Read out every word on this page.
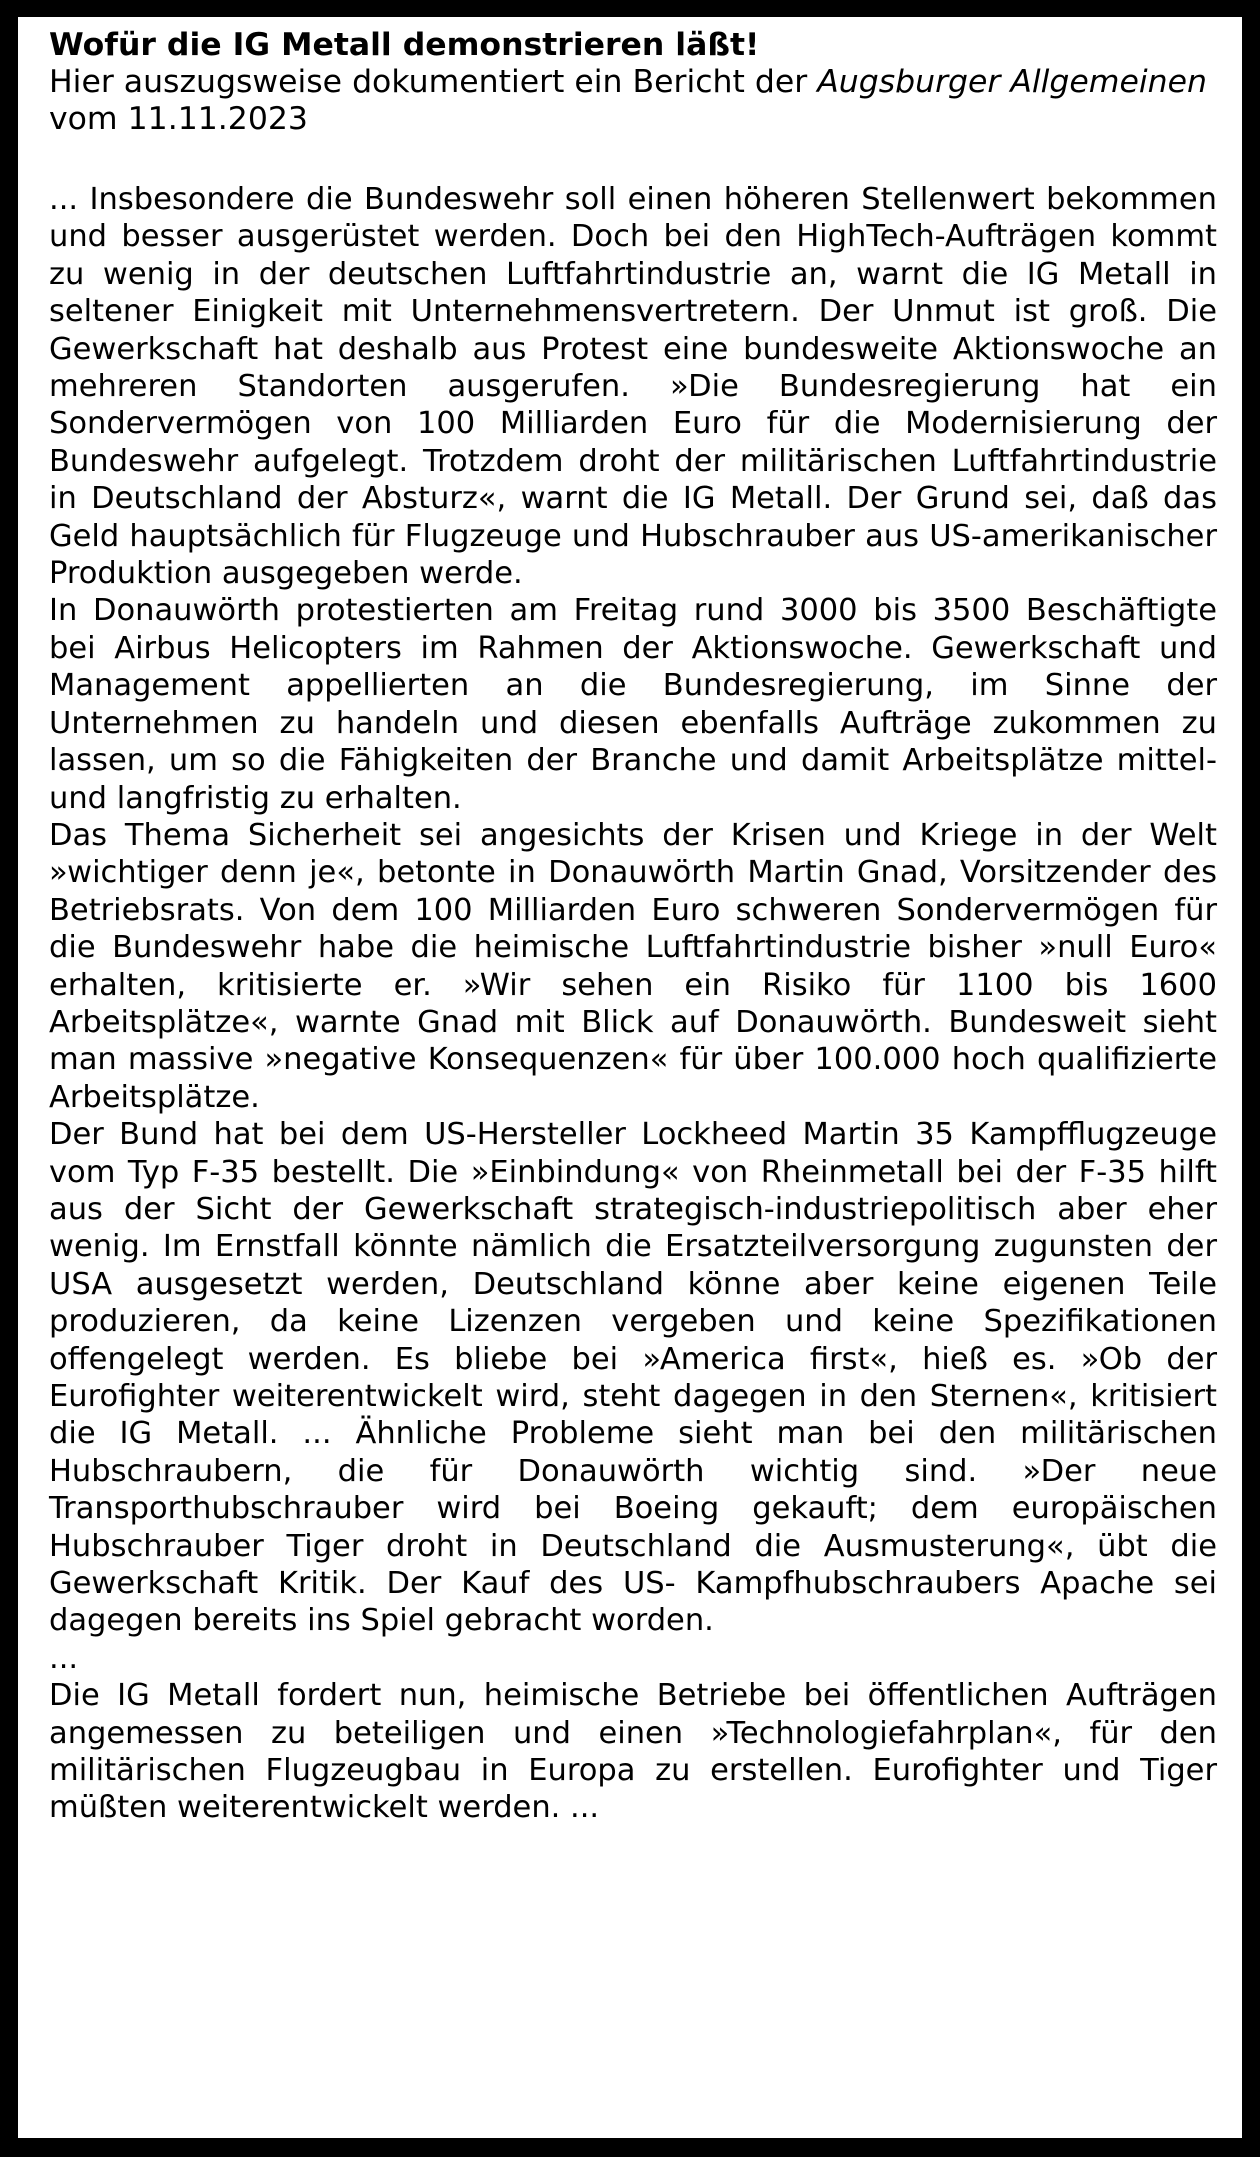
Wofür die IG Metall demonstrieren läßt!

Hier auszugsweise dokumentiert ein Bericht der Augsburger Allgemeinen vom 11.11.2023

... Insbesondere die Bundeswehr soll einen höheren Stellenwert bekommen und besser ausgerüstet werden. Doch bei den HighTech-Aufträgen kommt zu wenig in der deutschen Luftfahrtindustrie an, warnt die IG Metall in seltener Einigkeit mit Unternehmensvertretern. Der Unmut ist groß. Die Gewerkschaft hat deshalb aus Protest eine bundesweite Aktionswoche an mehreren Standorten ausgerufen. »Die Bundesregierung hat ein Sondervermögen von 100 Milliarden Euro für die Modernisierung der Bundeswehr aufgelegt. Trotzdem droht der militärischen Luftfahrtindustrie in Deutschland der Absturz«, warnt die IG Metall. Der Grund sei, daß das Geld hauptsächlich für Flugzeuge und Hubschrauber aus US-amerikanischer Produktion ausgegeben werde.

In Donauwörth protestierten am Freitag rund 3000 bis 3500 Beschäftigte bei Airbus Helicopters im Rahmen der Aktionswoche. Gewerkschaft und Management appellierten an die Bundesregierung, im Sinne der Unternehmen zu handeln und diesen ebenfalls Aufträge zukommen zu lassen, um so die Fähigkeiten der Branche und damit Arbeitsplätze mittel- und langfristig zu erhalten.

Das Thema Sicherheit sei angesichts der Krisen und Kriege in der Welt »wichtiger denn je«, betonte in Donauwörth Martin Gnad, Vorsitzender des Betriebsrats. Von dem 100 Milliarden Euro schweren Sondervermögen für die Bundeswehr habe die heimische Luftfahrtindustrie bisher »null Euro« erhalten, kritisierte er. »Wir sehen ein Risiko für 1100 bis 1600 Arbeitsplätze«, warnte Gnad mit Blick auf Donauwörth. Bundesweit sieht man massive »negative Konsequenzen« für über 100.000 hoch qualifizierte Arbeitsplätze.

Der Bund hat bei dem US-Hersteller Lockheed Martin 35 Kampfflugzeuge vom Typ F-35 bestellt. Die »Einbindung« von Rheinmetall bei der F-35 hilft aus der Sicht der Gewerkschaft strategisch-industriepolitisch aber eher wenig. Im Ernstfall könnte nämlich die Ersatzteilversorgung zugunsten der USA ausgesetzt werden, Deutschland könne aber keine eigenen Teile produzieren, da keine Lizenzen vergeben und keine Spezifikationen offengelegt werden. Es bliebe bei »America first«, hieß es. »Ob der Eurofighter weiterentwickelt wird, steht dagegen in den Sternen«, kritisiert die IG Metall. ... Ähnliche Probleme sieht man bei den militärischen Hubschraubern, die für Donauwörth wichtig sind. »Der neue Transporthubschrauber wird bei Boeing gekauft; dem europäischen Hubschrauber Tiger droht in Deutschland die Ausmusterung«, übt die Gewerkschaft Kritik. Der Kauf des US- Kampfhubschraubers Apache sei dagegen bereits ins Spiel gebracht worden.

...

Die IG Metall fordert nun, heimische Betriebe bei öffentlichen Aufträgen angemessen zu beteiligen und einen »Technologiefahrplan«, für den militärischen Flugzeugbau in Europa zu erstellen. Eurofighter und Tiger müßten weiterentwickelt werden. ...
